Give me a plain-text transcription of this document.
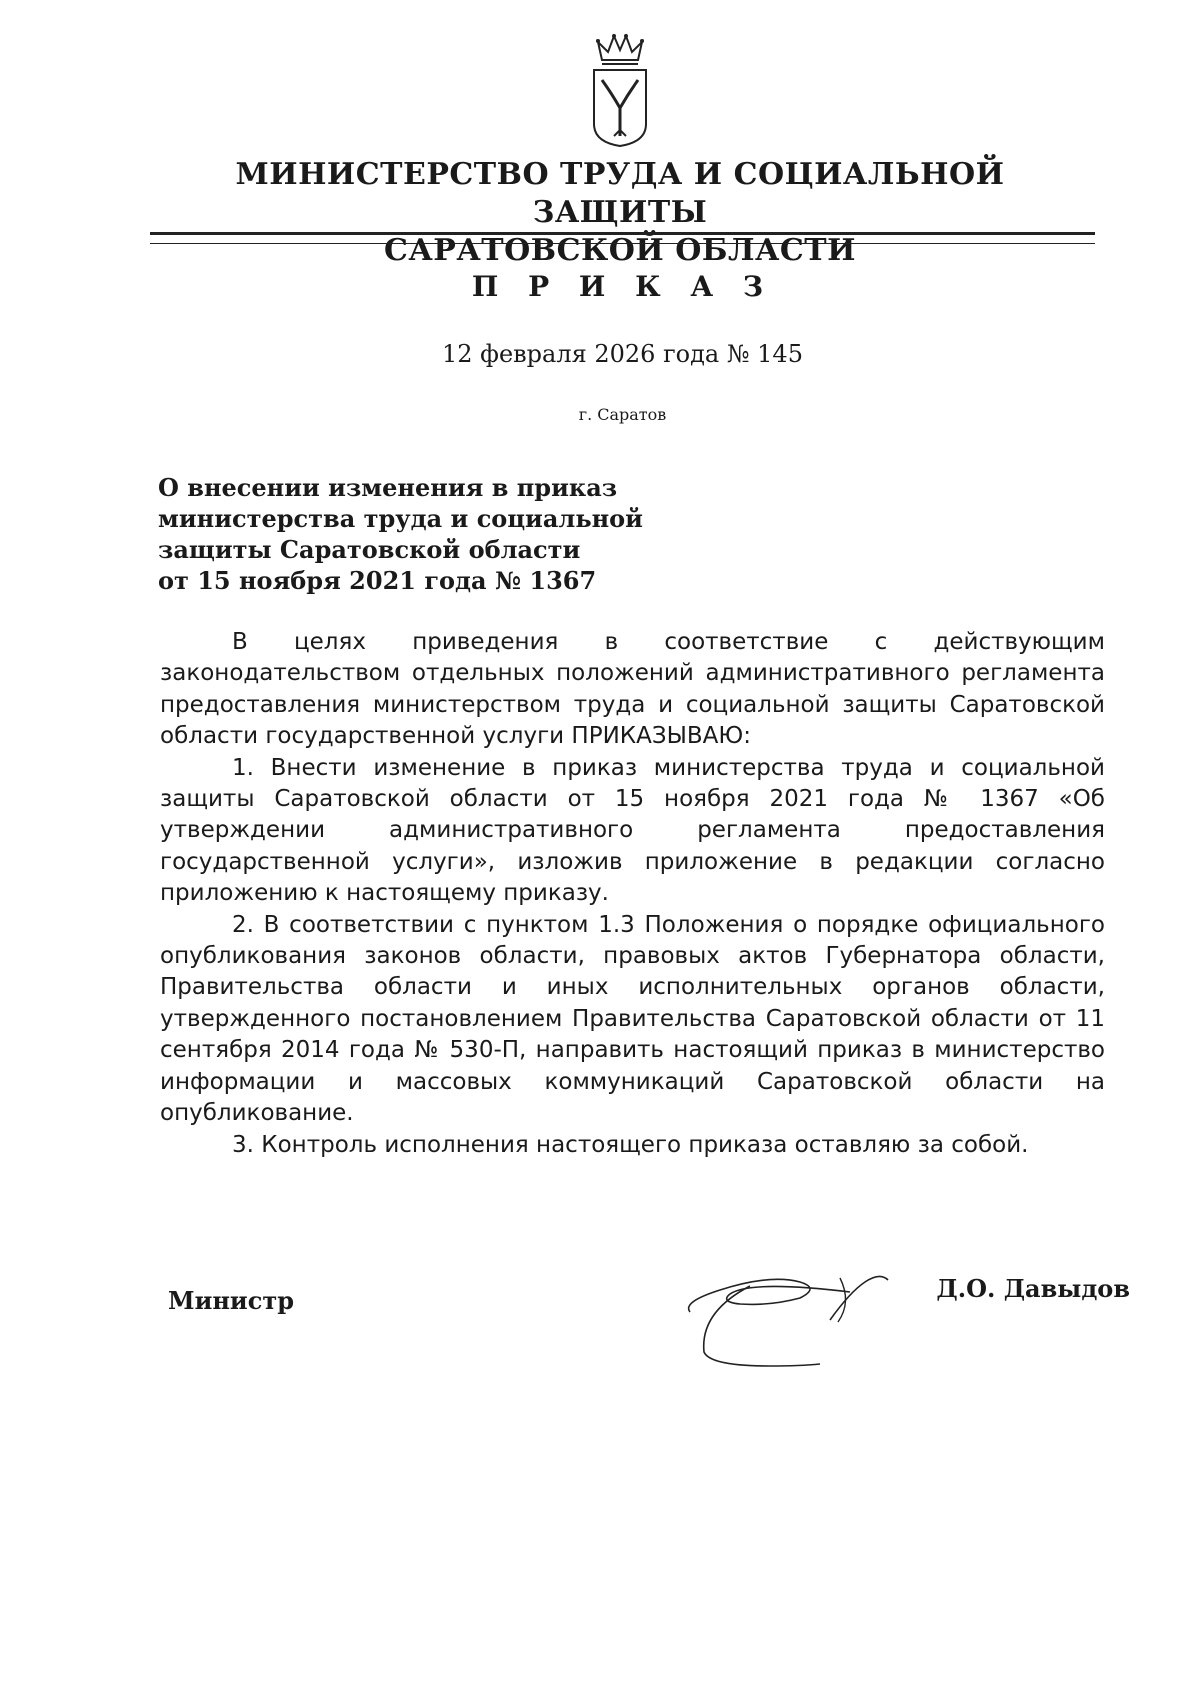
МИНИСТЕРСТВО ТРУДА И СОЦИАЛЬНОЙ ЗАЩИТЫ
САРАТОВСКОЙ ОБЛАСТИ
П Р И К А З
12 февраля 2026 года № 145
г. Саратов
О внесении изменения в приказ
министерства труда и социальной
защиты Саратовской области
от 15 ноября 2021 года № 1367

В целях приведения в соответствие с действующим законодательством отдельных положений административного регламента предоставления министерством труда и социальной защиты Саратовской области государственной услуги ПРИКАЗЫВАЮ:

1. Внести изменение в приказ министерства труда и социальной защиты Саратовской области от 15 ноября 2021 года № 1367 «Об утверждении административного регламента предоставления государственной услуги», изложив приложение в редакции согласно приложению к настоящему приказу.

2. В соответствии с пунктом 1.3 Положения о порядке официального опубликования законов области, правовых актов Губернатора области, Правительства области и иных исполнительных органов области, утвержденного постановлением Правительства Саратовской области от 11 сентября 2014 года № 530-П, направить настоящий приказ в министерство информации и массовых коммуникаций Саратовской области на опубликование.

3. Контроль исполнения настоящего приказа оставляю за собой.

Министр	Д.О. Давыдов
